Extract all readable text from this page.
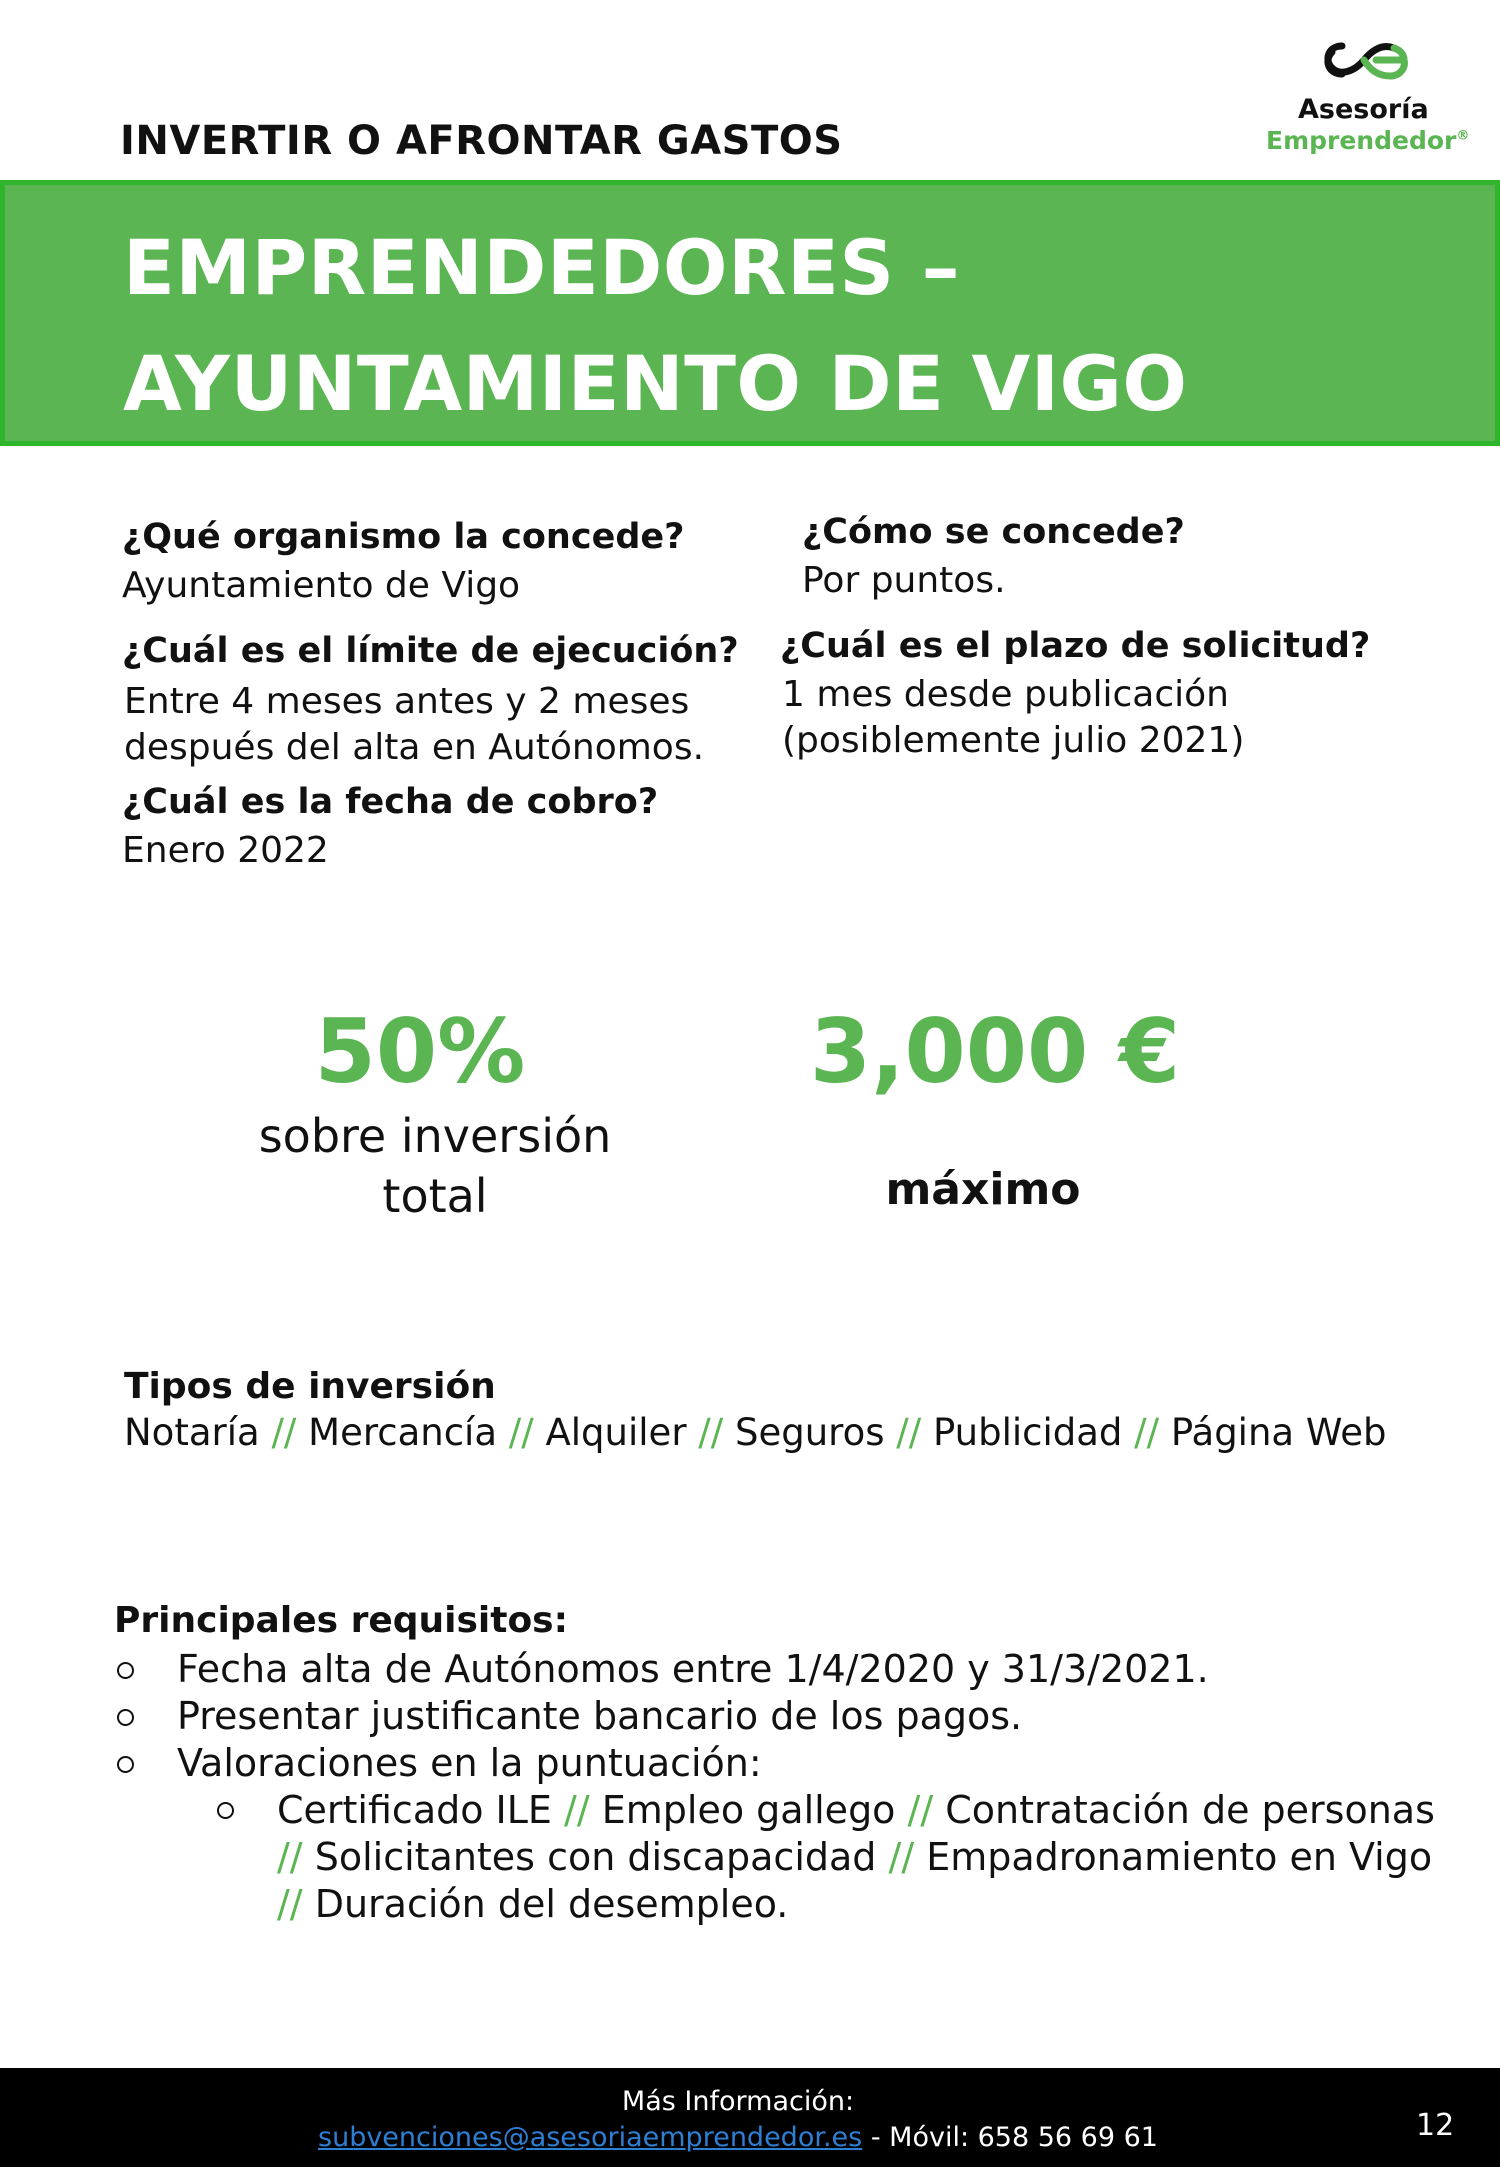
INVERTIR O AFRONTAR GASTOS
Asesoría
Emprendedor®
EMPRENDEDORES –
AYUNTAMIENTO DE VIGO
¿Qué organismo la concede?
Ayuntamiento de Vigo
¿Cuál es el límite de ejecución?
Entre 4 meses antes y 2 meses
después del alta en Autónomos.
¿Cuál es la fecha de cobro?
Enero 2022
¿Cómo se concede?
Por puntos.
¿Cuál es el plazo de solicitud?
1 mes desde publicación
(posiblemente julio 2021)
50%
sobre inversión
total
3,000 €
máximo
Tipos de inversión
Notaría // Mercancía // Alquiler // Seguros // Publicidad // Página Web
Principales requisitos:
Fecha alta de Autónomos entre 1/4/2020 y 31/3/2021.
Presentar justificante bancario de los pagos.
Valoraciones en la puntuación:
Certificado ILE // Empleo gallego // Contratación de personas // Solicitantes con discapacidad // Empadronamiento en Vigo // Duración del desempleo.
Más Información:
subvenciones@asesoriaemprendedor.es - Móvil: 658 56 69 61	12
